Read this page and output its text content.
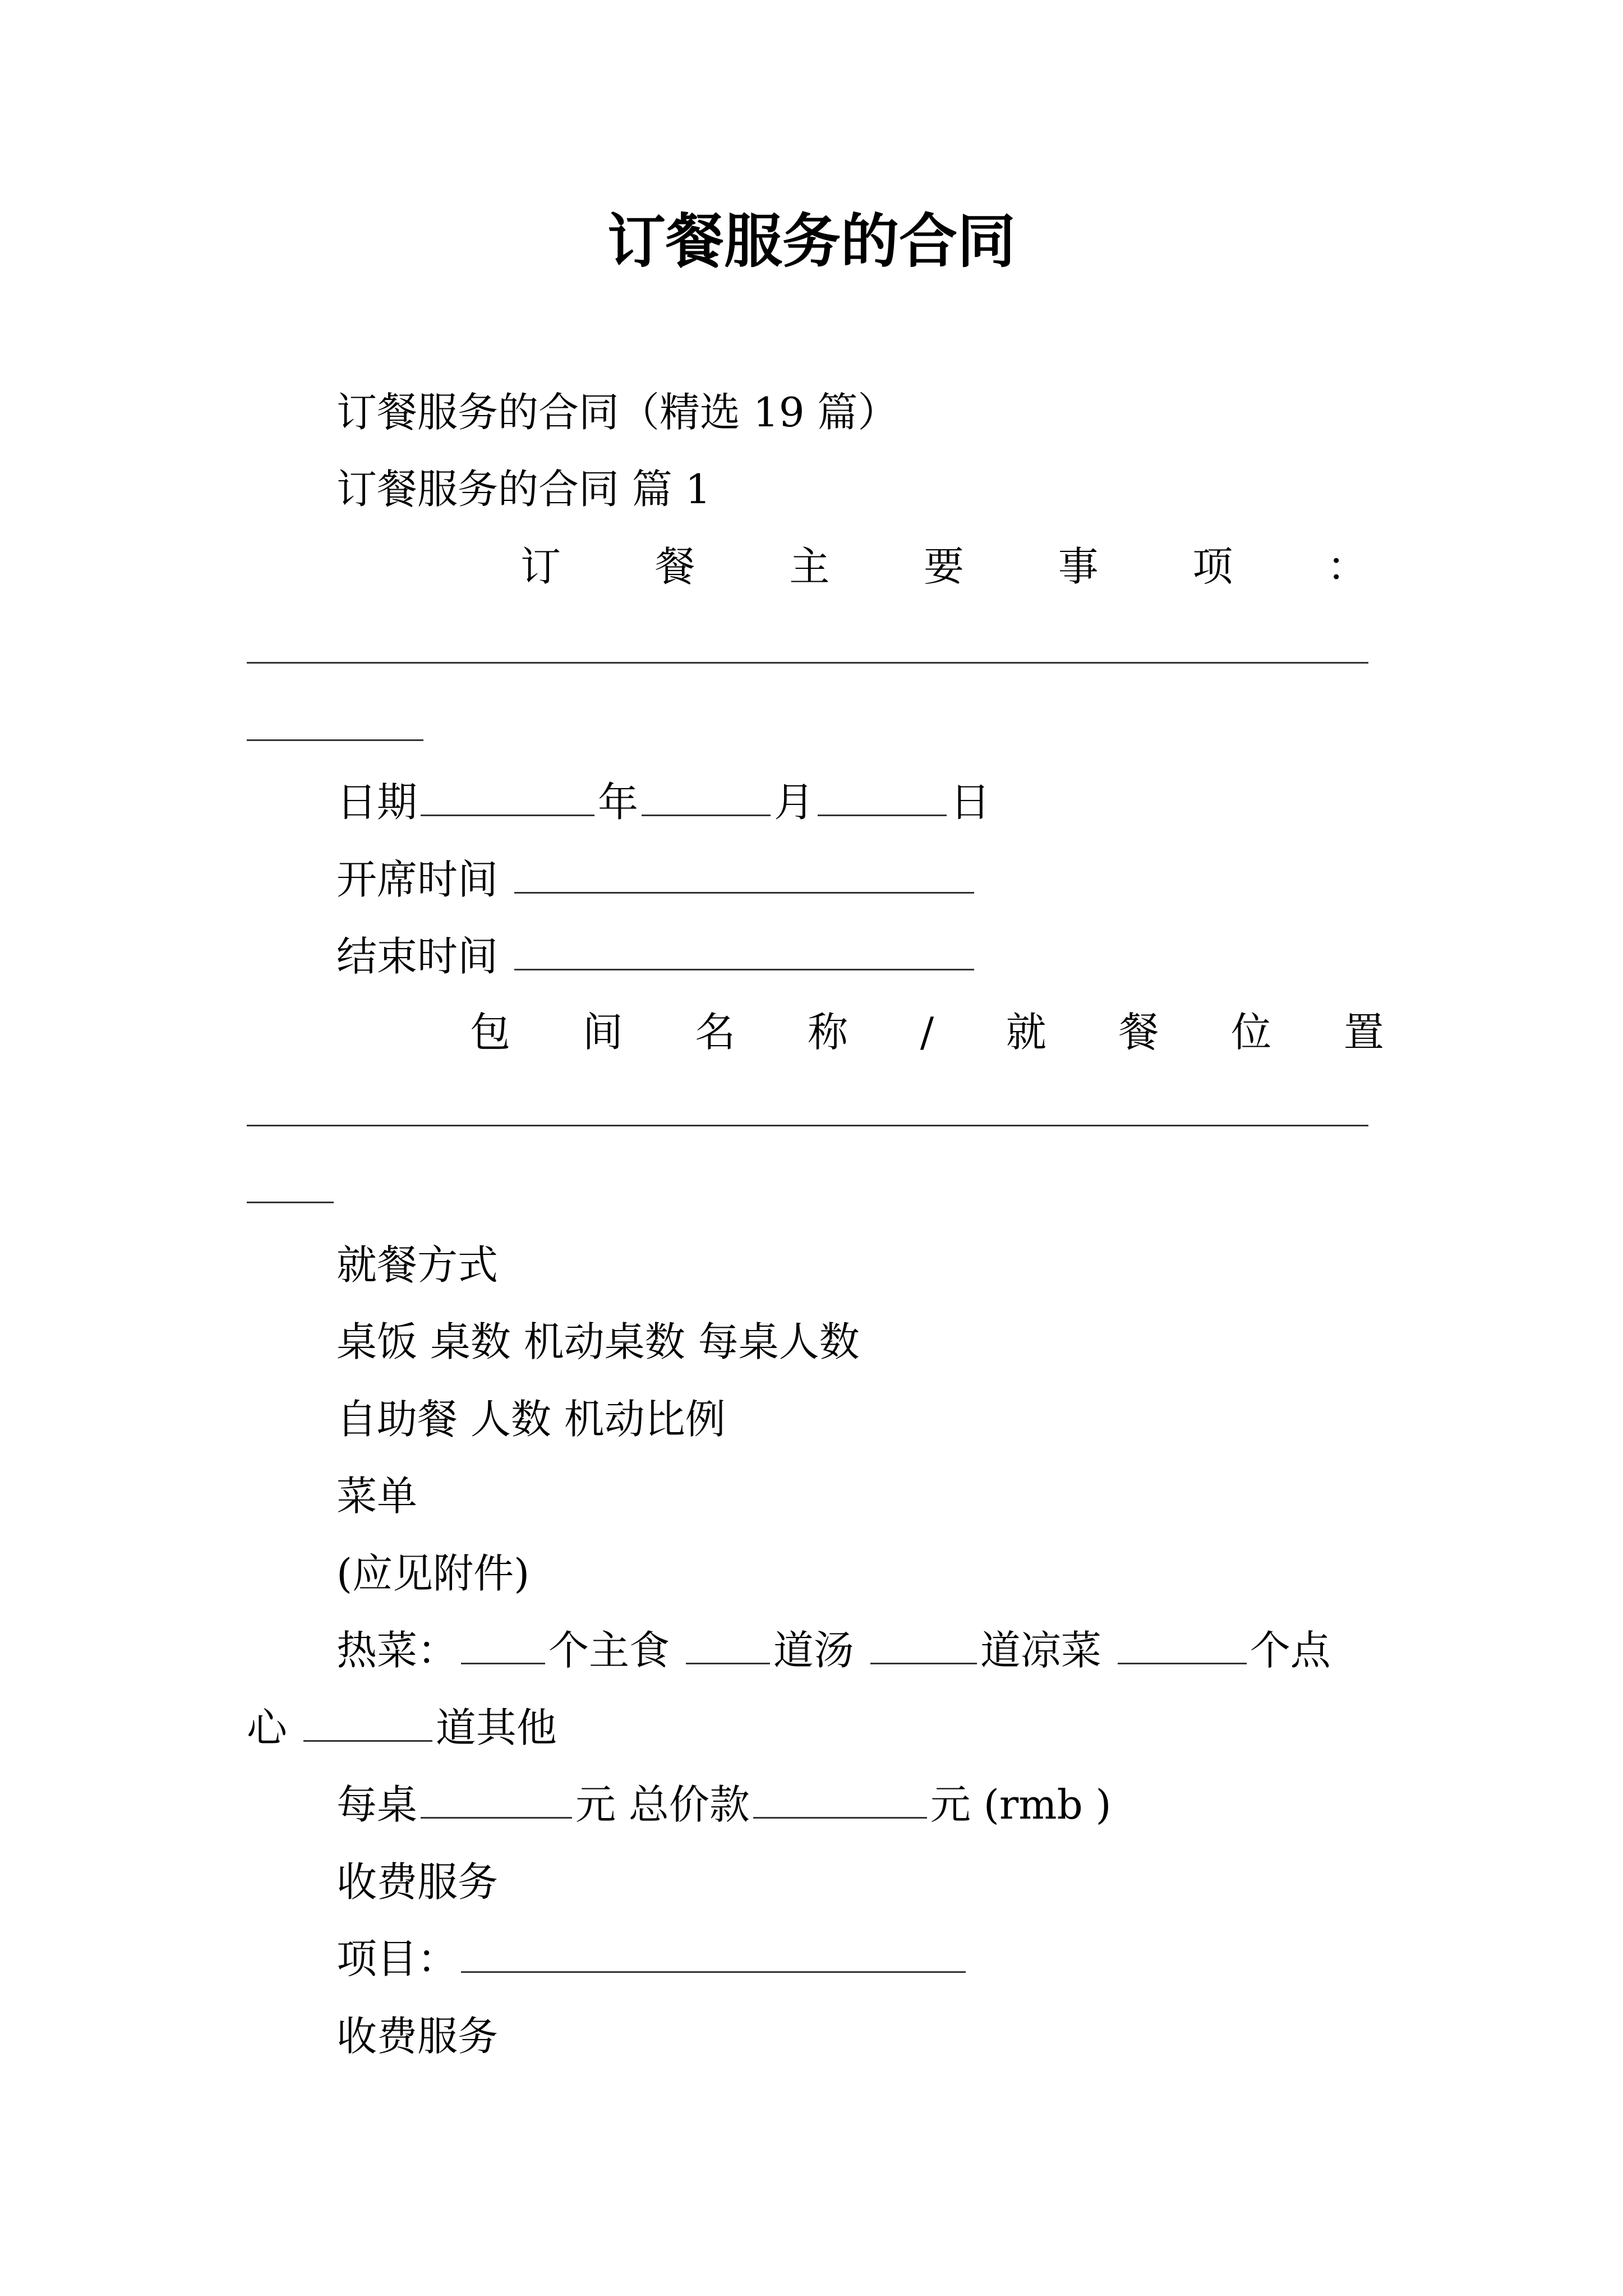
订餐服务的合同
订餐服务的合同（精选 19 篇）
订餐服务的合同 篇 1
订 餐 主 要 事 项 ：
日期	年	月	日
开席时间
结束时间
包 间 名 称 / 就 餐 位 置
就餐方式
桌饭 桌数 机动桌数 每桌人数
自助餐 人数 机动比例
菜单
(应见附件)
热菜： 个主食	道汤	道凉菜	个点
心	道其他
每桌	元 总价款	元 (rmb )
收费服务
项目：
收费服务
